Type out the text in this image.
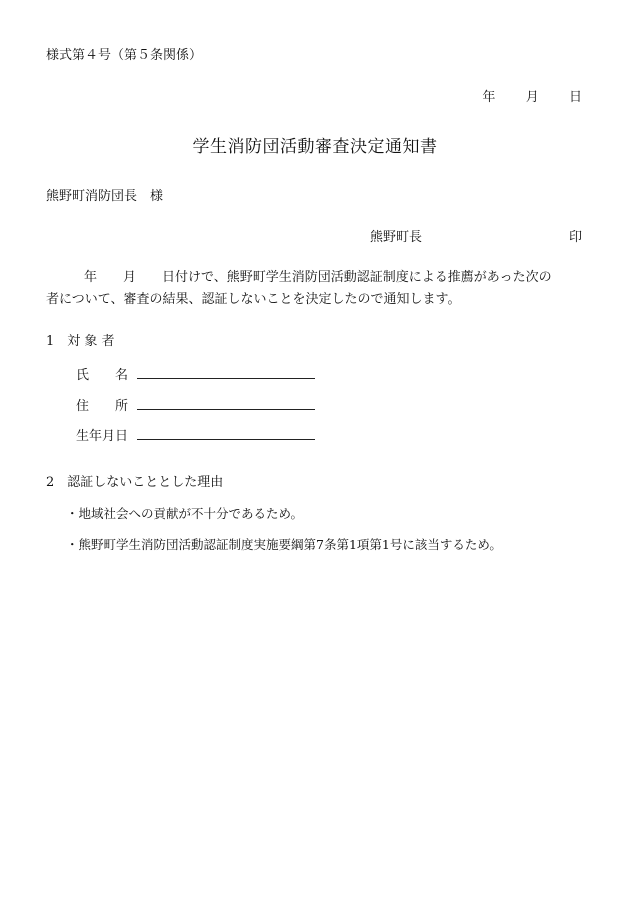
様式第４号（第５条関係）
年 月 日
学生消防団活動審査決定通知書
熊野町消防団長　様
熊野町長	印
年　　月　　日付けで、熊野町学生消防団活動認証制度による推薦があった次の
者について、審査の結果、認証しないことを決定したので通知します。
1　対 象 者
氏　　名
住　　所
生年月日
2　認証しないこととした理由
・地域社会への貢献が不十分であるため。
・熊野町学生消防団活動認証制度実施要綱第7条第1項第1号に該当するため。
